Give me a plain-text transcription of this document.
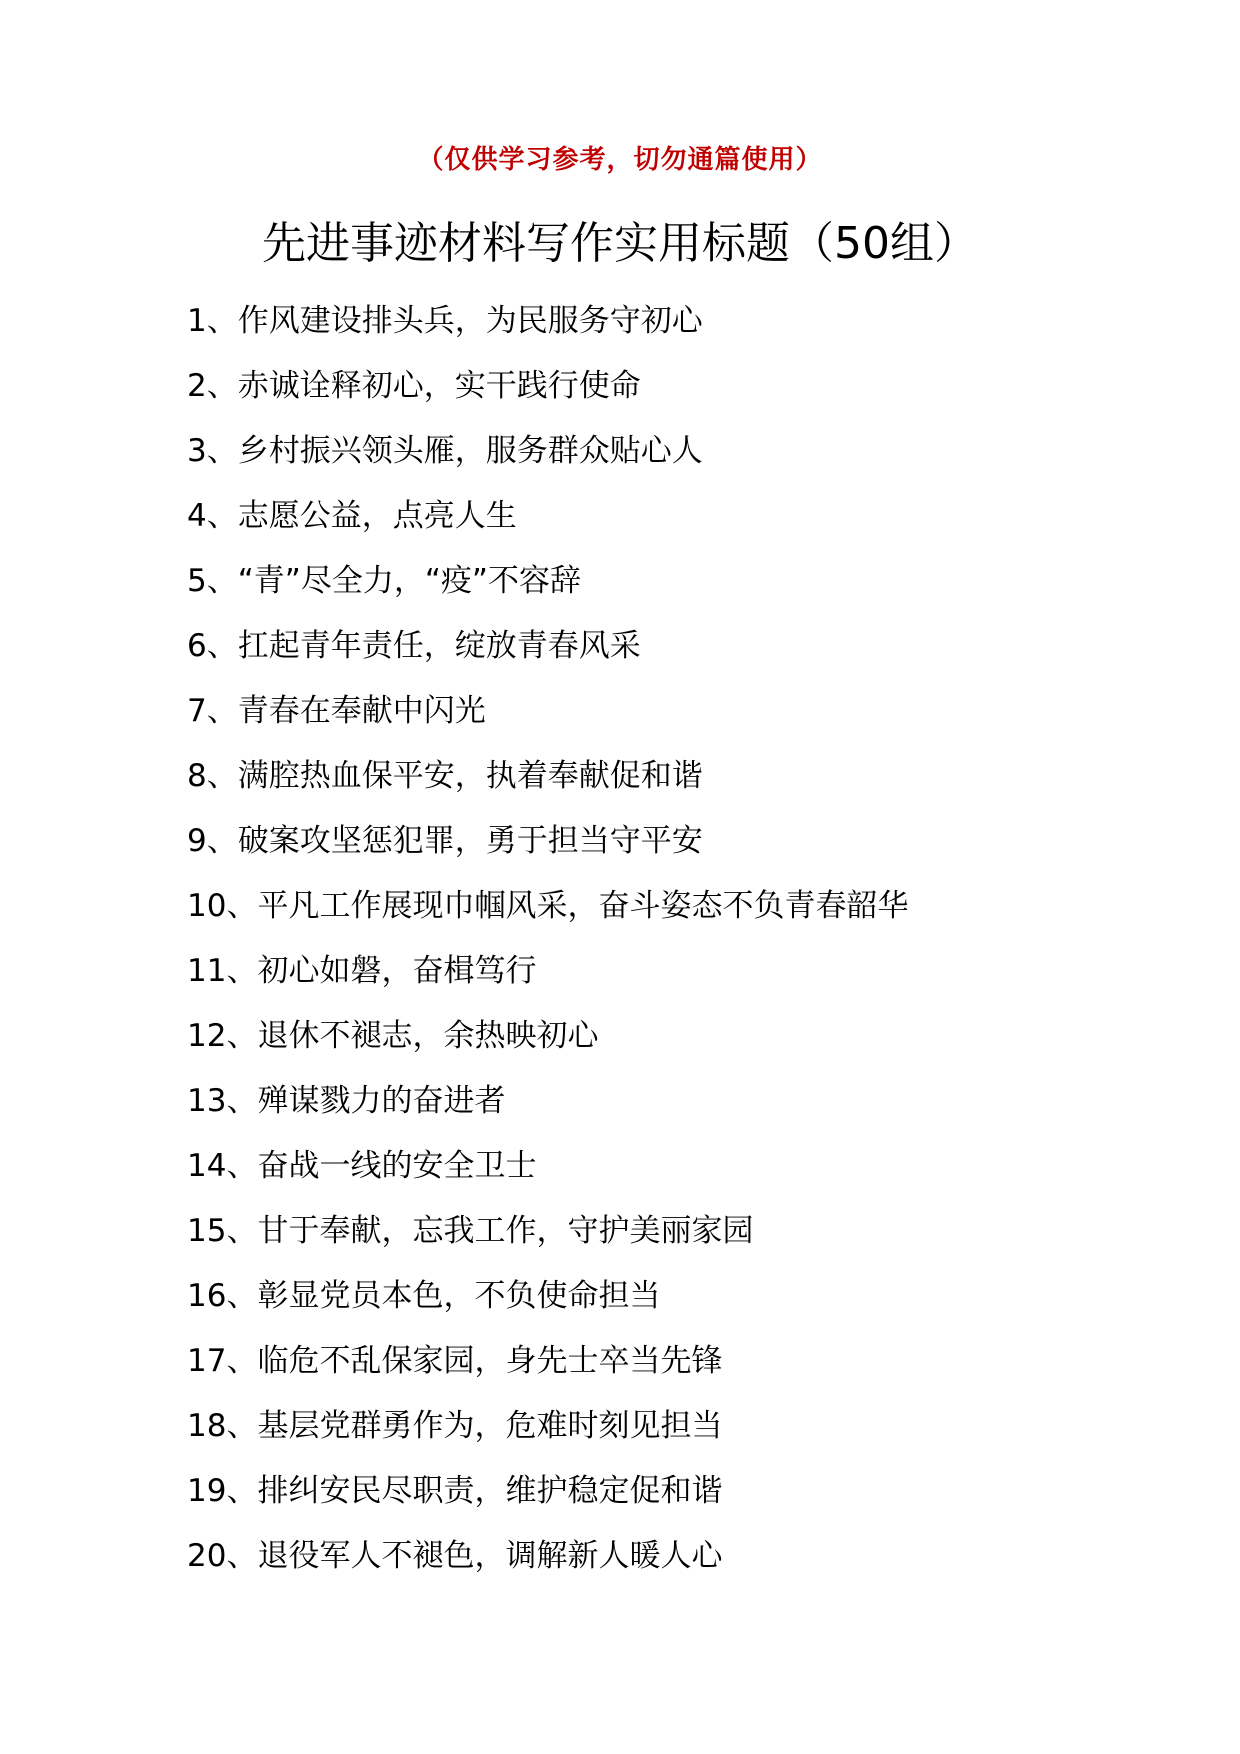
（仅供学习参考，切勿通篇使用）
先进事迹材料写作实用标题（50组）
1、作风建设排头兵，为民服务守初心
2、赤诚诠释初心，实干践行使命
3、乡村振兴领头雁，服务群众贴心人
4、志愿公益，点亮人生
5、“青”尽全力，“疫”不容辞
6、扛起青年责任，绽放青春风采
7、青春在奉献中闪光
8、满腔热血保平安，执着奉献促和谐
9、破案攻坚惩犯罪，勇于担当守平安
10、平凡工作展现巾帼风采，奋斗姿态不负青春韶华
11、初心如磐，奋楫笃行
12、退休不褪志，余热映初心
13、殚谋戮力的奋进者
14、奋战一线的安全卫士
15、甘于奉献，忘我工作，守护美丽家园
16、彰显党员本色，不负使命担当
17、临危不乱保家园，身先士卒当先锋
18、基层党群勇作为，危难时刻见担当
19、排纠安民尽职责，维护稳定促和谐
20、退役军人不褪色，调解新人暖人心
